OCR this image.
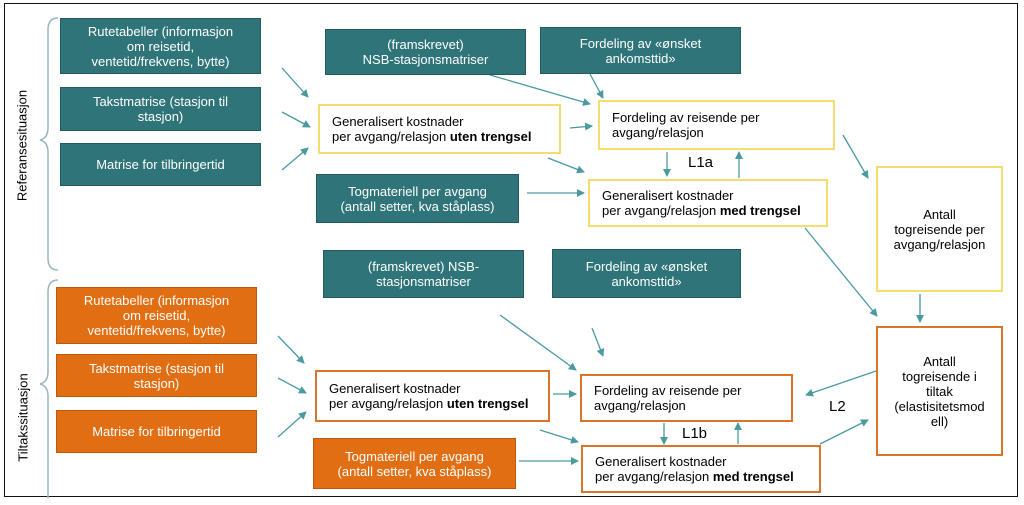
Referansesituasjon
Tiltakssituasjon
Rutetabeller (informasjon
om reisetid,
ventetid/frekvens, bytte)
Takstmatrise (stasjon til
stasjon)
Matrise for tilbringertid
(framskrevet)
NSB-stasjonsmatriser
Fordeling av «ønsket
ankomsttid»
Togmateriell per avgang
(antall setter, kva ståplass)
Generalisert kostnader
per avgang/relasjon uten trengsel
Fordeling av reisende per
avgang/relasjon
Generalisert kostnader
per avgang/relasjon med trengsel
L1a
Antall
togreisende per
avgang/relasjon
Antall
togreisende i
tiltak
(elastisitetsmod
ell)
L2
Rutetabeller (informasjon
om reisetid,
ventetid/frekvens, bytte)
Takstmatrise (stasjon til
stasjon)
Matrise for tilbringertid
(framskrevet) NSB-
stasjonsmatriser
Fordeling av «ønsket
ankomsttid»
Togmateriell per avgang
(antall setter, kva ståplass)
Generalisert kostnader
per avgang/relasjon uten trengsel
Fordeling av reisende per
avgang/relasjon
Generalisert kostnader
per avgang/relasjon med trengsel
L1b
